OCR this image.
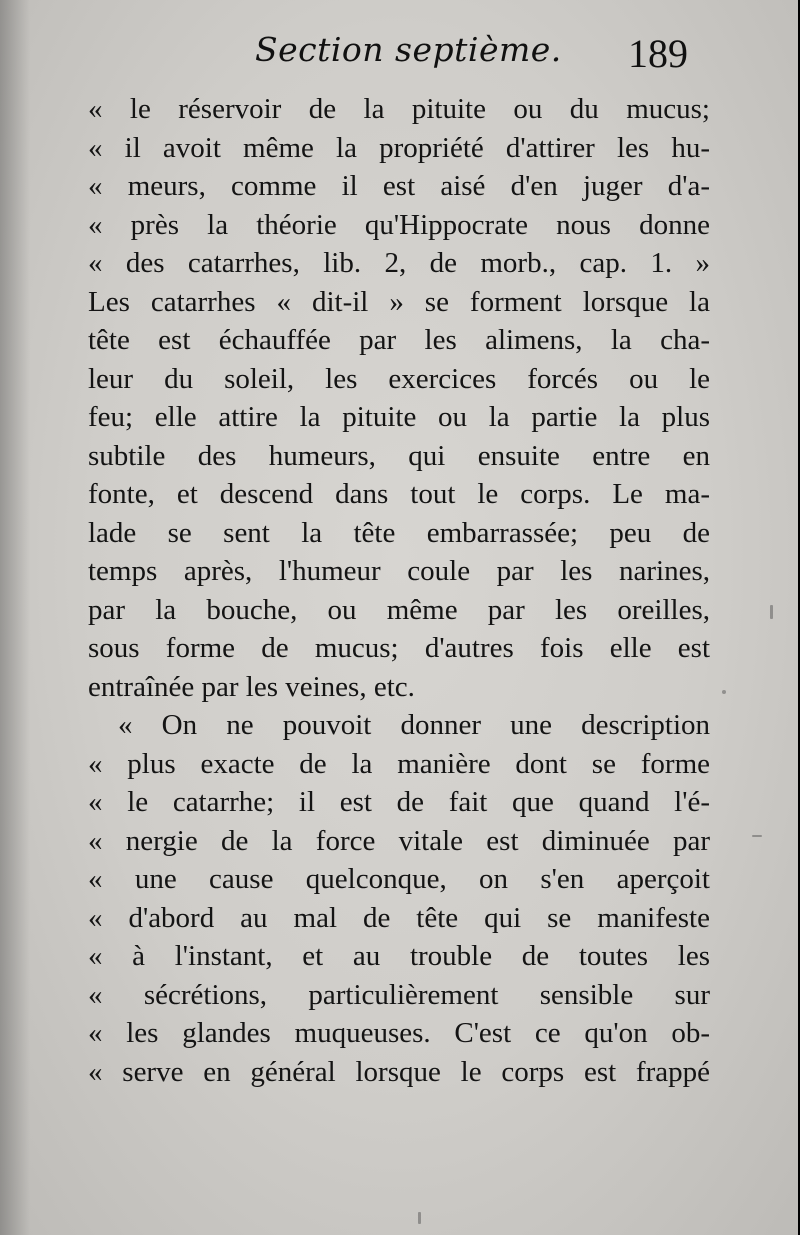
Section septième. 189
« le réservoir de la pituite ou du mucus;
« il avoit même la propriété d'attirer les hu-
« meurs, comme il est aisé d'en juger d'a-
« près la théorie qu'Hippocrate nous donne
« des catarrhes, lib. 2, de morb., cap. 1. »
Les catarrhes « dit-il » se forment lorsque la
tête est échauffée par les alimens, la cha-
leur du soleil, les exercices forcés ou le
feu; elle attire la pituite ou la partie la plus
subtile des humeurs, qui ensuite entre en
fonte, et descend dans tout le corps. Le ma-
lade se sent la tête embarrassée; peu de
temps après, l'humeur coule par les narines,
par la bouche, ou même par les oreilles,
sous forme de mucus; d'autres fois elle est
entraînée par les veines, etc.
« On ne pouvoit donner une description
« plus exacte de la manière dont se forme
« le catarrhe; il est de fait que quand l'é-
« nergie de la force vitale est diminuée par
« une cause quelconque, on s'en aperçoit
« d'abord au mal de tête qui se manifeste
« à l'instant, et au trouble de toutes les
« sécrétions, particulièrement sensible sur
« les glandes muqueuses. C'est ce qu'on ob-
« serve en général lorsque le corps est frappé
